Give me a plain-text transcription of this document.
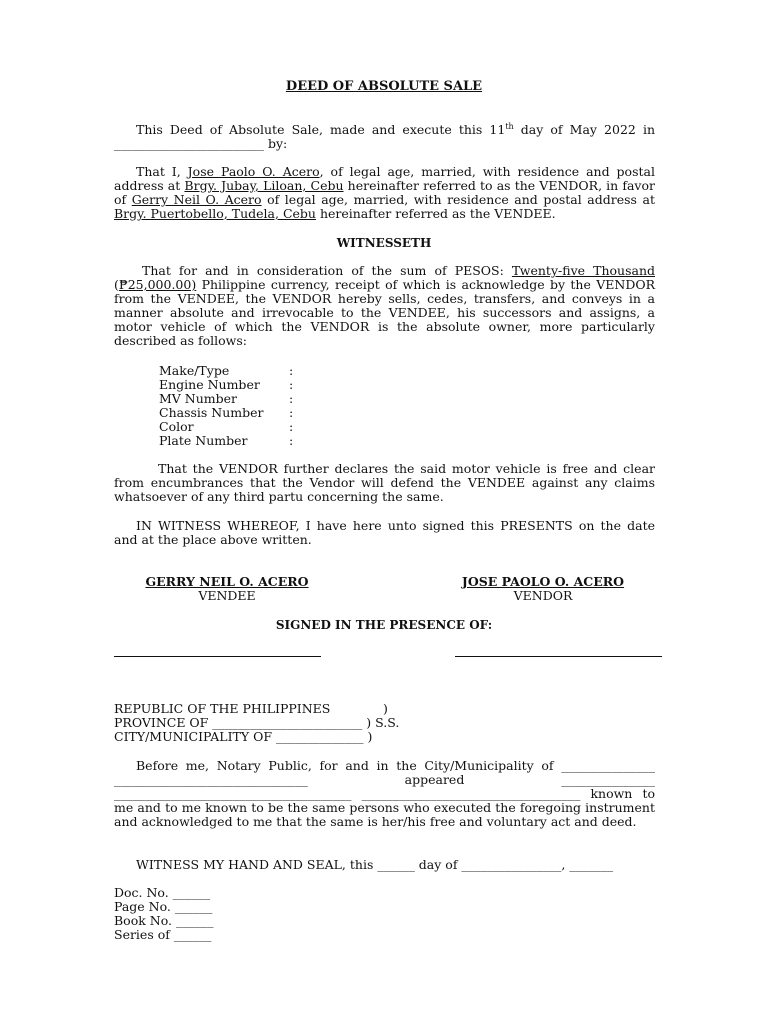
DEED OF ABSOLUTE SALE
This Deed of Absolute Sale, made and execute this 11th day of May 2022 in
________________________ by:
That I, Jose Paolo O. Acero, of legal age, married, with residence and postal address at Brgy. Jubay, Liloan, Cebu hereinafter referred to as the VENDOR, in favor of Gerry Neil O. Acero of legal age, married, with residence and postal address at Brgy. Puertobello, Tudela, Cebu hereinafter referred as the VENDEE.
WITNESSETH
That for and in consideration of the sum of PESOS: Twenty-five Thousand (₱25,000.00) Philippine currency, receipt of which is acknowledge by the VENDOR from the VENDEE, the VENDOR hereby sells, cedes, transfers, and conveys in a manner absolute and irrevocable to the VENDEE, his successors and assigns, a motor vehicle of which the VENDOR is the absolute owner, more particularly described as follows:
Make/Type	:
Engine Number :
MV Number	:
Chassis Number :
Color	:
Plate Number	:
That the VENDOR further declares the said motor vehicle is free and clear from encumbrances that the Vendor will defend the VENDEE against any claims whatsoever of any third partu concerning the same.
IN WITNESS WHEREOF, I have here unto signed this PRESENTS on the date and at the place above written.
GERRY NEIL O. ACERO
VENDEE
JOSE PAOLO O. ACERO
VENDOR
SIGNED IN THE PRESENCE OF:
REPUBLIC OF THE PHILIPPINES	)
PROVINCE OF ________________________ ) S.S.
CITY/MUNICIPALITY OF ______________ )
Before me, Notary Public, for and in the City/Municipality of _______________ _______________________________ appeared _______________ ______________________________________ ___________________________________ known to me and to me known to be the same persons who executed the foregoing instrument and acknowledged to me that the same is her/his free and voluntary act and deed.
WITNESS MY HAND AND SEAL, this ______ day of ________________, _______
Doc. No. ______
Page No. ______
Book No. ______
Series of ______
